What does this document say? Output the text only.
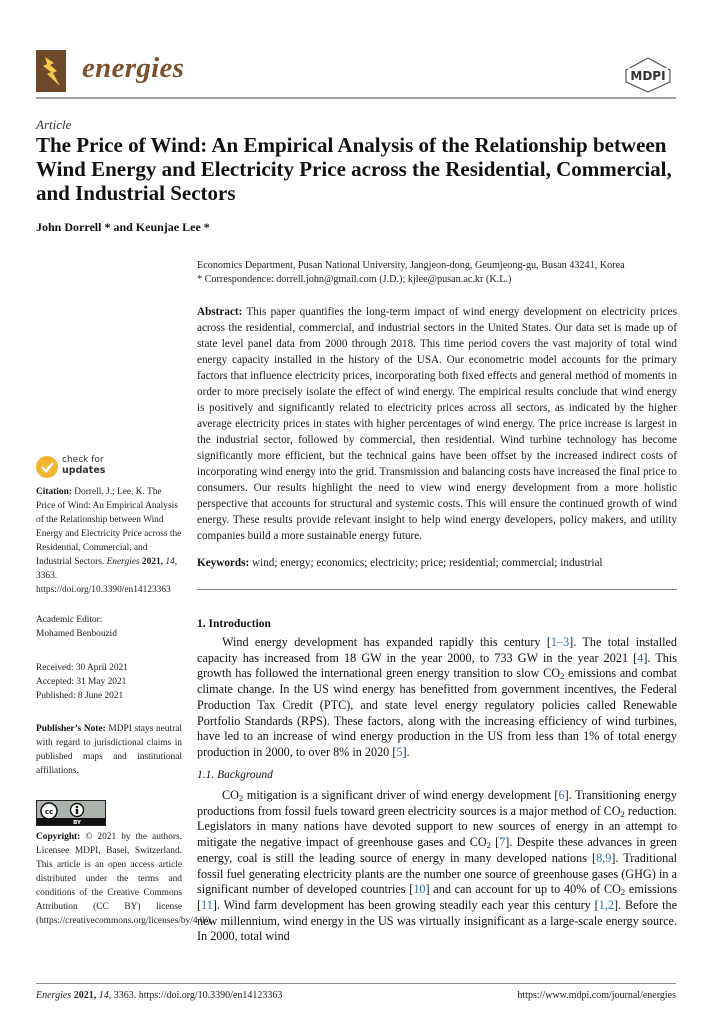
energies	MDPI
Article
The Price of Wind: An Empirical Analysis of the Relationship between Wind Energy and Electricity Price across the Residential, Commercial, and Industrial Sectors
John Dorrell * and Keunjae Lee *
Economics Department, Pusan National University, Jangjeon-dong, Geumjeong-gu, Busan 43241, Korea
* Correspondence: dorrell.john@gmail.com (J.D.); kjlee@pusan.ac.kr (K.L.)
Abstract: This paper quantifies the long-term impact of wind energy development on electricity prices across the residential, commercial, and industrial sectors in the United States. Our data set is made up of state level panel data from 2000 through 2018. This time period covers the vast majority of total wind energy capacity installed in the history of the USA. Our econometric model accounts for the primary factors that influence electricity prices, incorporating both fixed effects and general method of moments in order to more precisely isolate the effect of wind energy. The empirical results conclude that wind energy is positively and significantly related to electricity prices across all sectors, as indicated by the higher average electricity prices in states with higher percentages of wind energy. The price increase is largest in the industrial sector, followed by commercial, then residential. Wind turbine technology has become significantly more efficient, but the technical gains have been offset by the increased indirect costs of incorporating wind energy into the grid. Transmission and balancing costs have increased the final price to consumers. Our results highlight the need to view wind energy development from a more holistic perspective that accounts for structural and systemic costs. This will ensure the continued growth of wind energy. These results provide relevant insight to help wind energy developers, policy makers, and utility companies build a more sustainable energy future.
Keywords: wind; energy; economics; electricity; price; residential; commercial; industrial
1. Introduction
Wind energy development has expanded rapidly this century [1–3]. The total installed capacity has increased from 18 GW in the year 2000, to 733 GW in the year 2021 [4]. This growth has followed the international green energy transition to slow $CO_2$ emissions and combat climate change. In the US wind energy has benefitted from government incentives, the Federal Production Tax Credit (PTC), and state level energy regulatory policies called Renewable Portfolio Standards (RPS). These factors, along with the increasing efficiency of wind turbines, have led to an increase of wind energy production in the US from less than 1% of total energy production in 2000, to over 8% in 2020 [5].
1.1. Background
$CO_2$ mitigation is a significant driver of wind energy development [6]. Transitioning energy productions from fossil fuels toward green electricity sources is a major method of $CO_2$ reduction. Legislators in many nations have devoted support to new sources of energy in an attempt to mitigate the negative impact of greenhouse gases and $CO_2$ [7]. Despite these advances in green energy, coal is still the leading source of energy in many developed nations [8,9]. Traditional fossil fuel generating electricity plants are the number one source of greenhouse gases (GHG) in a significant number of developed countries [10] and can account for up to 40% of $CO_2$ emissions [11]. Wind farm development has been growing steadily each year this century [1,2]. Before the new millennium, wind energy in the US was virtually insignificant as a large-scale energy source. In 2000, total wind
check for
updates
Citation: Dorrell, J.; Lee, K. The Price of Wind: An Empirical Analysis of the Relationship between Wind Energy and Electricity Price across the Residential, Commercial, and Industrial Sectors. Energies 2021, 14, 3363. https://doi.org/10.3390/en14123363
Academic Editor:
Mohamed Benbouzid
Received: 30 April 2021
Accepted: 31 May 2021
Published: 8 June 2021
Publisher’s Note: MDPI stays neutral with regard to jurisdictional claims in published maps and institutional affiliations.
cc
BY
Copyright: © 2021 by the authors. Licensee MDPI, Basel, Switzerland. This article is an open access article distributed under the terms and conditions of the Creative Commons Attribution (CC BY) license (https://creativecommons.org/licenses/by/4.0/).
Energies 2021, 14, 3363. https://doi.org/10.3390/en14123363	https://www.mdpi.com/journal/energies
